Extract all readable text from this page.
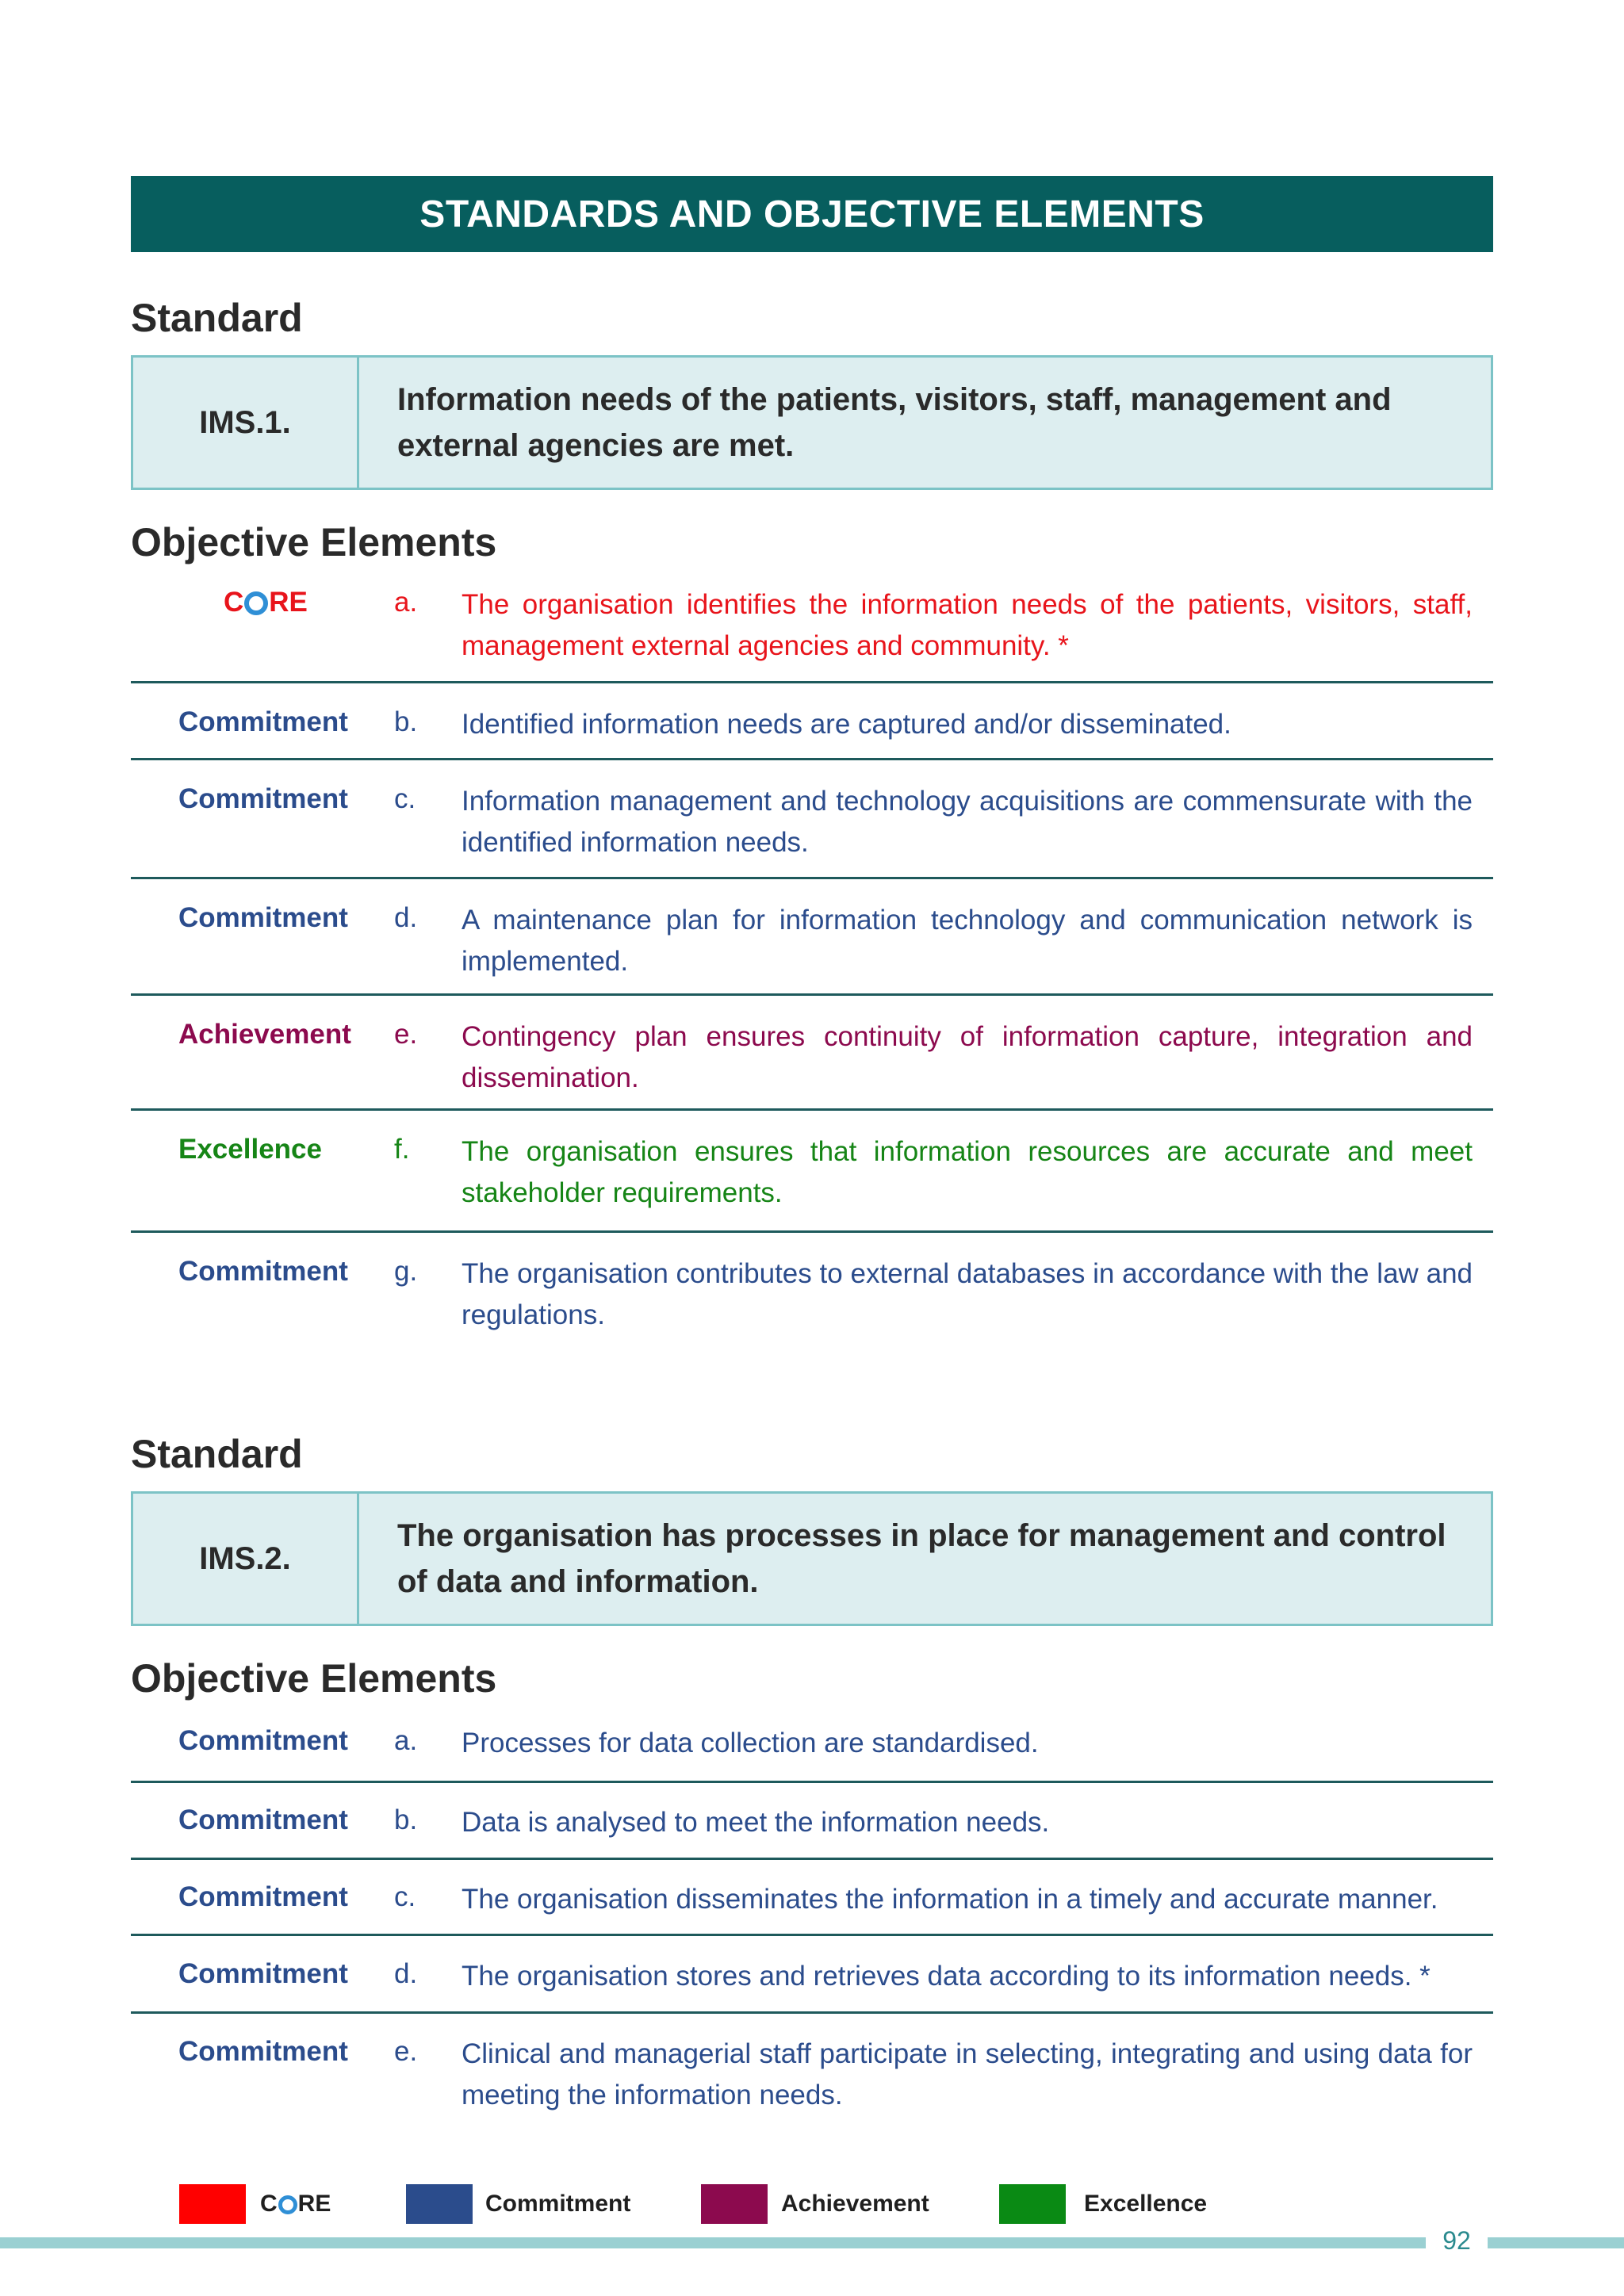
STANDARDS AND OBJECTIVE ELEMENTS
Standard
IMS.1.
Information needs of the patients, visitors, staff, management and external agencies are met.
Objective Elements
C RE	a. The organisation identifies the information needs of the patients, visitors, staff, management external agencies and community. *
Commitment b. Identified information needs are captured and/or disseminated.
Commitment c. Information management and technology acquisitions are commensurate with the identified information needs.
Commitment d. A maintenance plan for information technology and communication network is implemented.
Achievement e. Contingency plan ensures continuity of information capture, integration and dissemination.
Excellence	f. The organisation ensures that information resources are accurate and meet stakeholder requirements.
Commitment g. The organisation contributes to external databases in accordance with the law and regulations.
Standard
IMS.2.
The organisation has processes in place for management and control of data and information.
Objective Elements
Commitment a. Processes for data collection are standardised.
Commitment b. Data is analysed to meet the information needs.
Commitment c. The organisation disseminates the information in a timely and accurate manner.
Commitment d. The organisation stores and retrieves data according to its information needs. *
Commitment e. Clinical and managerial staff participate in selecting, integrating and using data for meeting the information needs.
C RE	Commitment	Achievement	Excellence
92
